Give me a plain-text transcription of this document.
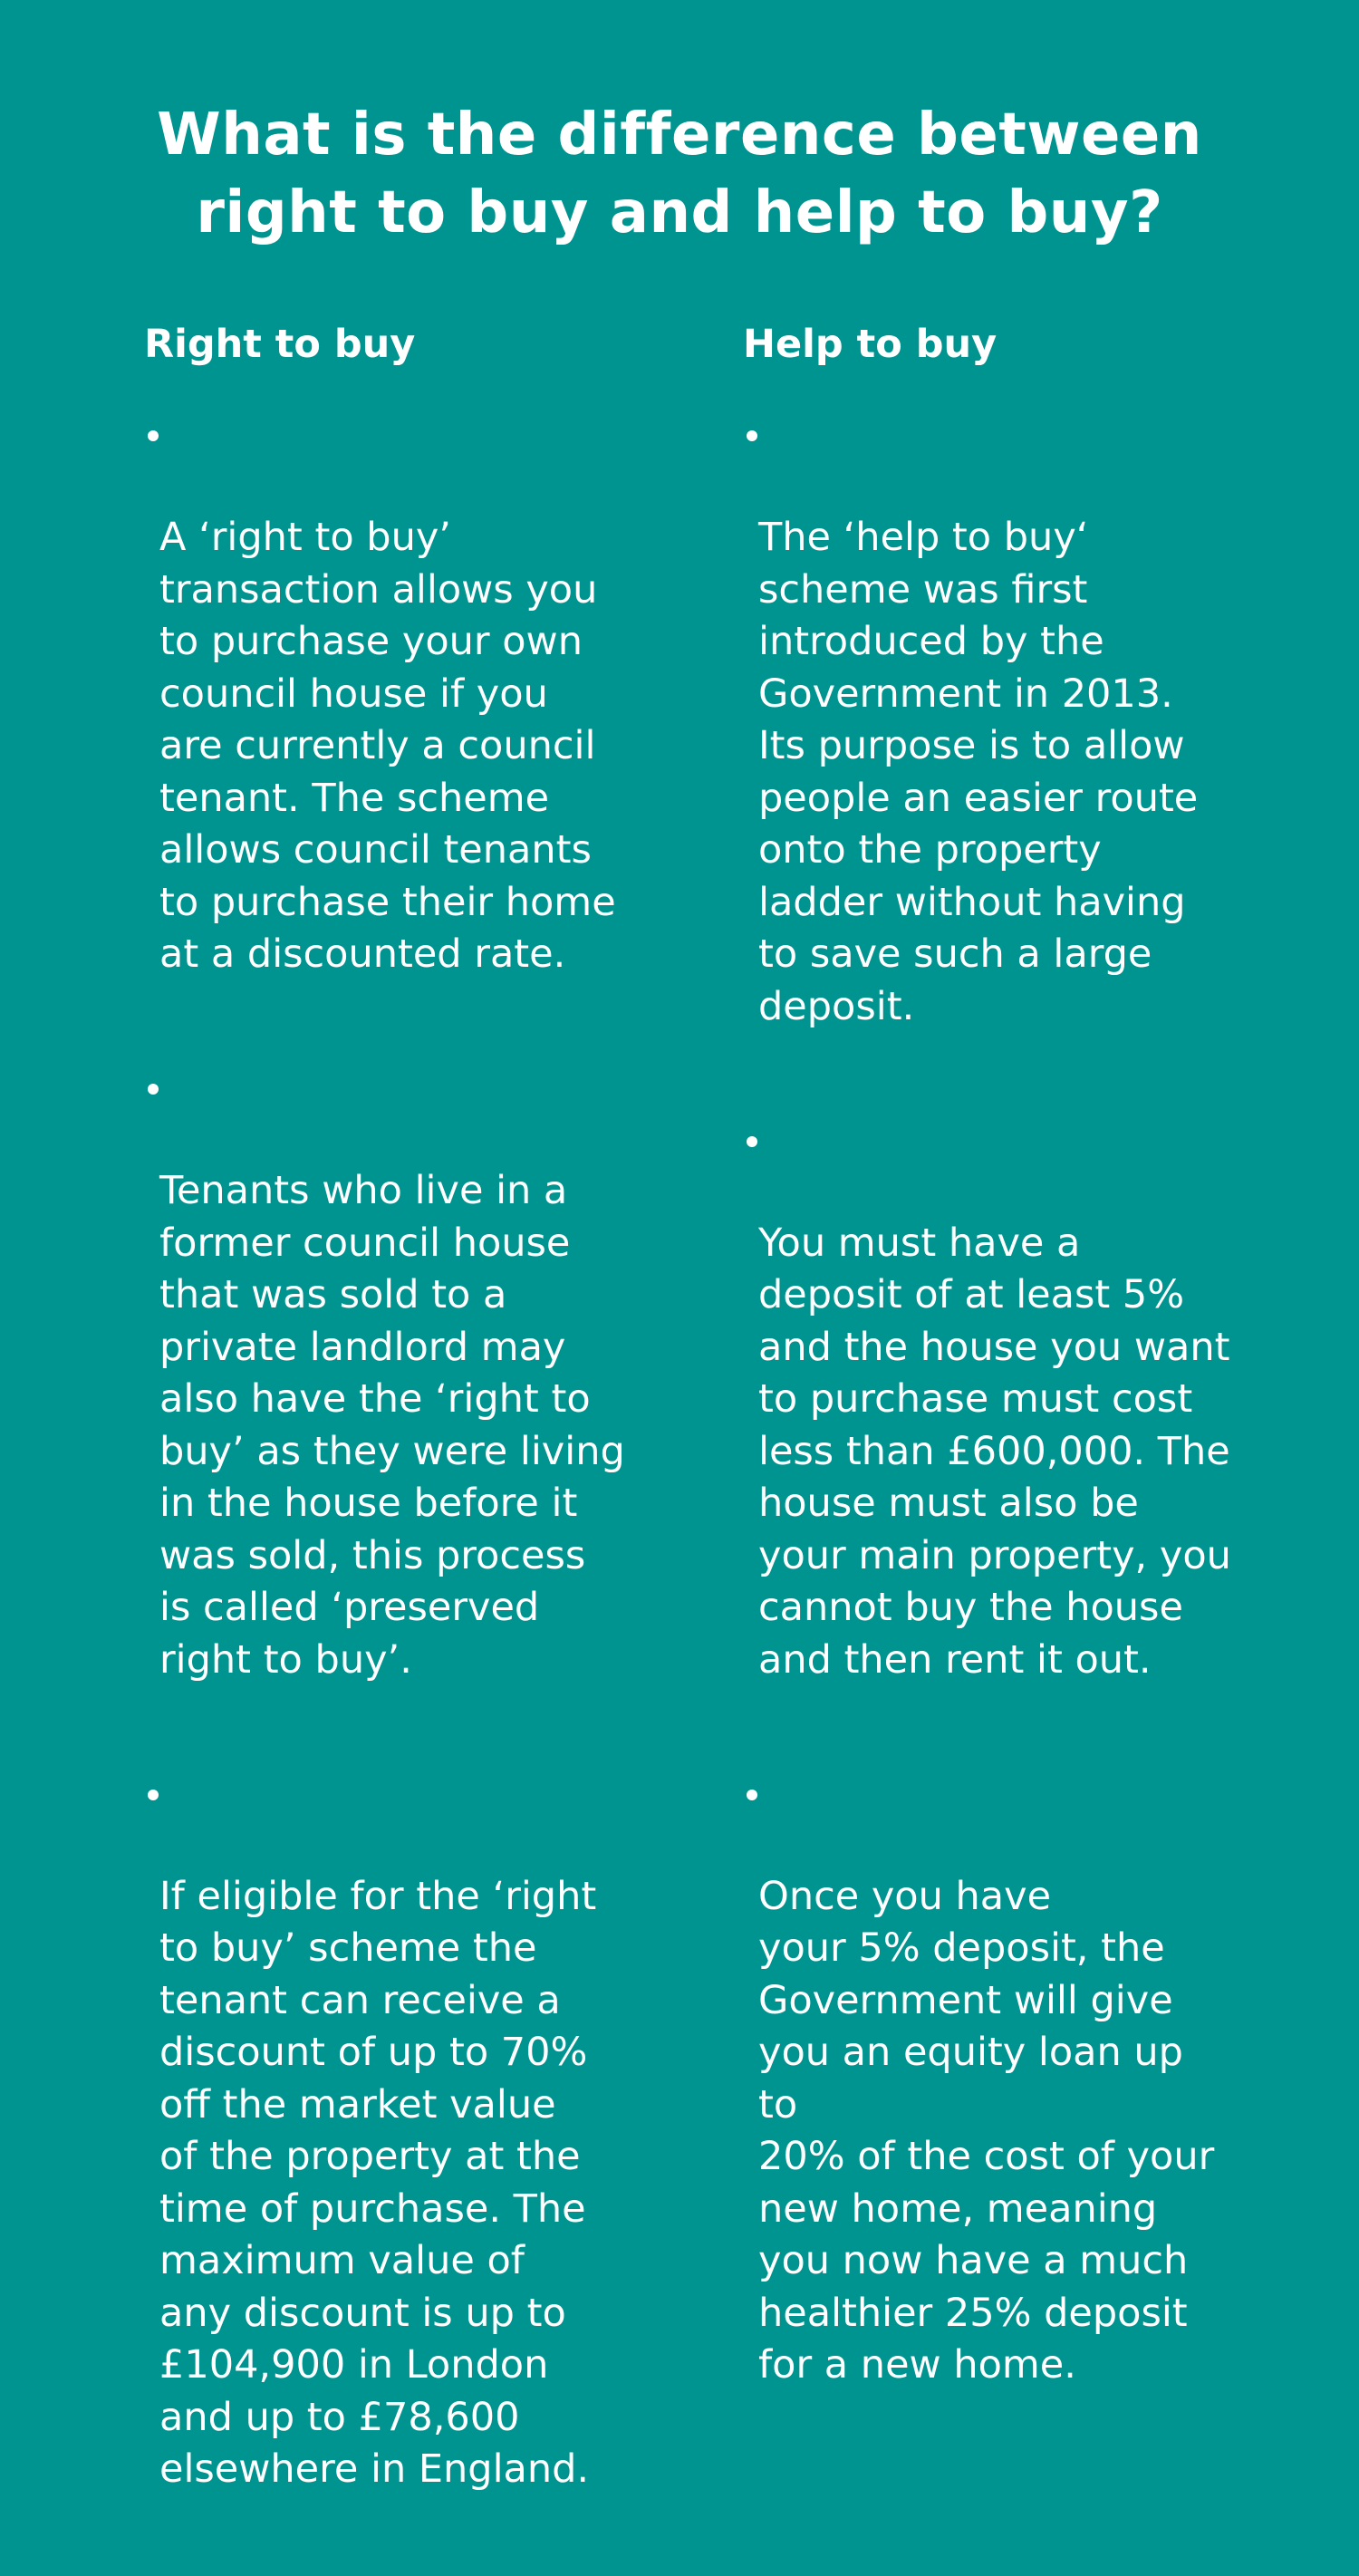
What is the difference between right to buy and help to buy?
Right to buy

A ‘right to buy’
transaction allows you
to purchase your own
council house if you
are currently a council
tenant. The scheme
allows council tenants
to purchase their home
at a discounted rate.

Tenants who live in a
former council house
that was sold to a
private landlord may
also have the ‘right to
buy’ as they were living
in the house before it
was sold, this process
is called ‘preserved
right to buy’.

If eligible for the ‘right
to buy’ scheme the
tenant can receive a
discount of up to 70%
off the market value
of the property at the
time of purchase. The
maximum value of
any discount is up to
£104,900 in London
and up to £78,600
elsewhere in England.

Help to buy

The ‘help to buy‘
scheme was first
introduced by the
Government in 2013.
Its purpose is to allow
people an easier route
onto the property
ladder without having
to save such a large
deposit.

You must have a
deposit of at least 5%
and the house you want
to purchase must cost
less than £600,000. The
house must also be
your main property, you
cannot buy the house
and then rent it out.

Once you have
your 5% deposit, the
Government will give
you an equity loan up to
20% of the cost of your
new home, meaning
you now have a much
healthier 25% deposit
for a new home.
